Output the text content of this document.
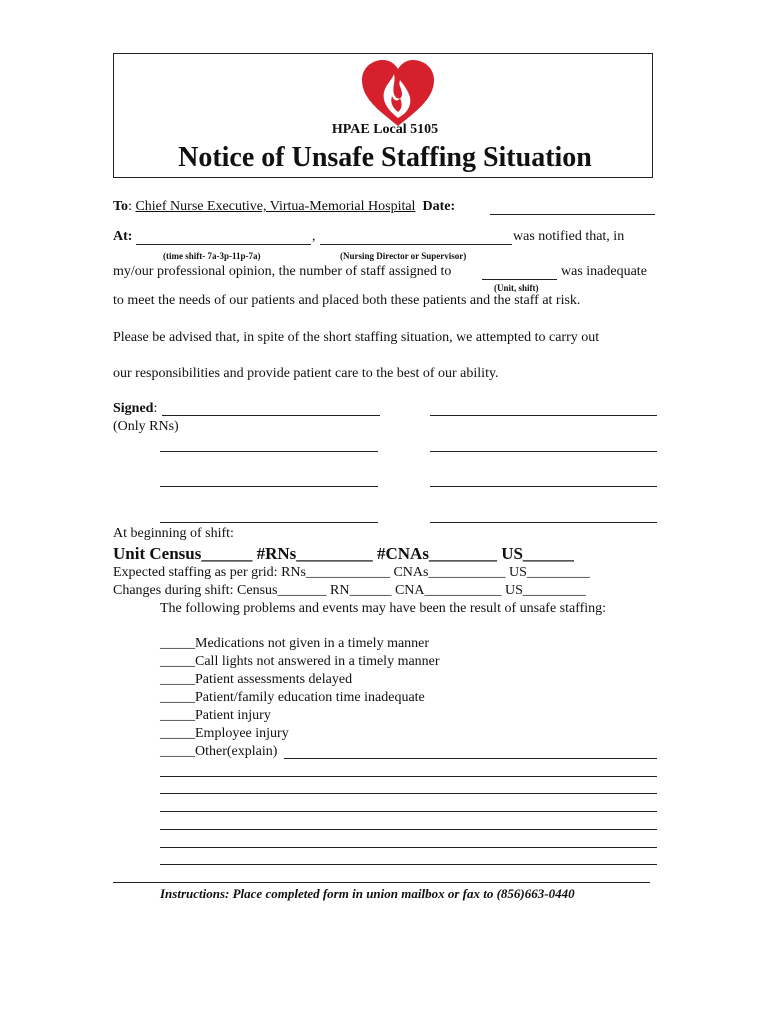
HPAE Local 5105
Notice of Unsafe Staffing Situation
To: Chief Nurse Executive, Virtua-Memorial Hospital Date:
At:	,	was notified that, in
(time shift- 7a-3p-11p-7a)	(Nursing Director or Supervisor)
my/our professional opinion, the number of staff assigned to	was inadequate
(Unit, shift)
to meet the needs of our patients and placed both these patients and the staff at risk.
Please be advised that, in spite of the short staffing situation, we attempted to carry out
our responsibilities and provide patient care to the best of our ability.
Signed:
(Only RNs)
At beginning of shift:
Unit Census______ #RNs_________ #CNAs________ US______
Expected staffing as per grid: RNs____________ CNAs___________ US_________
Changes during shift: Census_______ RN______ CNA___________ US_________
The following problems and events may have been the result of unsafe staffing:
_____Medications not given in a timely manner
_____Call lights not answered in a timely manner
_____Patient assessments delayed
_____Patient/family education time inadequate
_____Patient injury
_____Employee injury
_____Other(explain)
Instructions: Place completed form in union mailbox or fax to (856)663-0440
